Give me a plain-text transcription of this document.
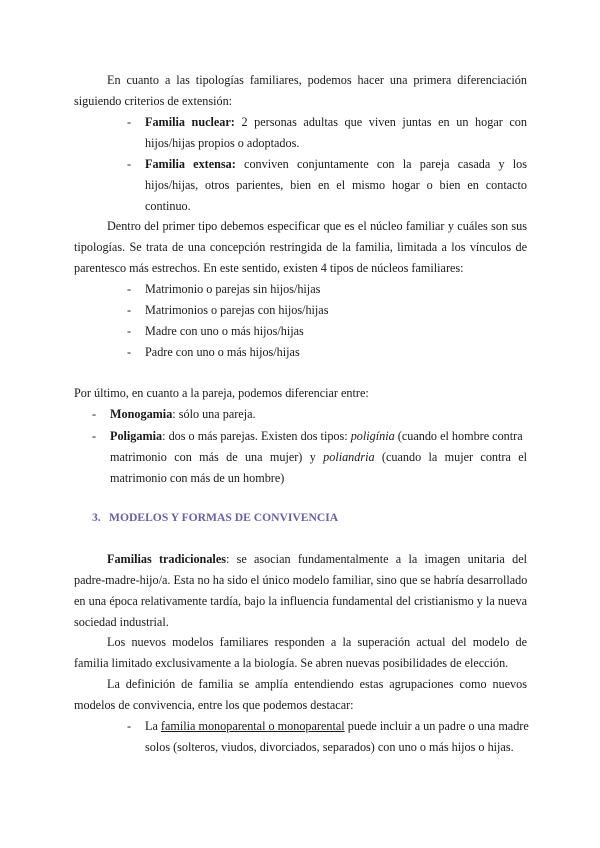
En cuanto a las tipologías familiares, podemos hacer una primera diferenciación
siguiendo criterios de extensión:
- Familia nuclear: 2 personas adultas que viven juntas en un hogar con
hijos/hijas propios o adoptados.
- Familia extensa: conviven conjuntamente con la pareja casada y los
hijos/hijas, otros parientes, bien en el mismo hogar o bien en contacto
continuo.
Dentro del primer tipo debemos especificar que es el núcleo familiar y cuáles son sus
tipologías. Se trata de una concepción restringida de la familia, limitada a los vínculos de
parentesco más estrechos. En este sentido, existen 4 tipos de núcleos familiares:
- Matrimonio o parejas sin hijos/hijas
- Matrimonios o parejas con hijos/hijas
- Madre con uno o más hijos/hijas
- Padre con uno o más hijos/hijas
Por último, en cuanto a la pareja, podemos diferenciar entre:
- Monogamia: sólo una pareja.
- Poligamia: dos o más parejas. Existen dos tipos: poligínia (cuando el hombre contra
matrimonio con más de una mujer) y poliandria (cuando la mujer contra el
matrimonio con más de un hombre)
3. MODELOS Y FORMAS DE CONVIVENCIA
Familias tradicionales: se asocian fundamentalmente a la imagen unitaria del
padre-madre-hijo/a. Esta no ha sido el único modelo familiar, sino que se habría desarrollado
en una época relativamente tardía, bajo la influencia fundamental del cristianismo y la nueva
sociedad industrial.
Los nuevos modelos familiares responden a la superación actual del modelo de
familia limitado exclusivamente a la biología. Se abren nuevas posibilidades de elección.
La definición de familia se amplía entendiendo estas agrupaciones como nuevos
modelos de convivencia, entre los que podemos destacar:
- La familia monoparental o monoparental puede incluir a un padre o una madre
solos (solteros, viudos, divorciados, separados) con uno o más hijos o hijas.
